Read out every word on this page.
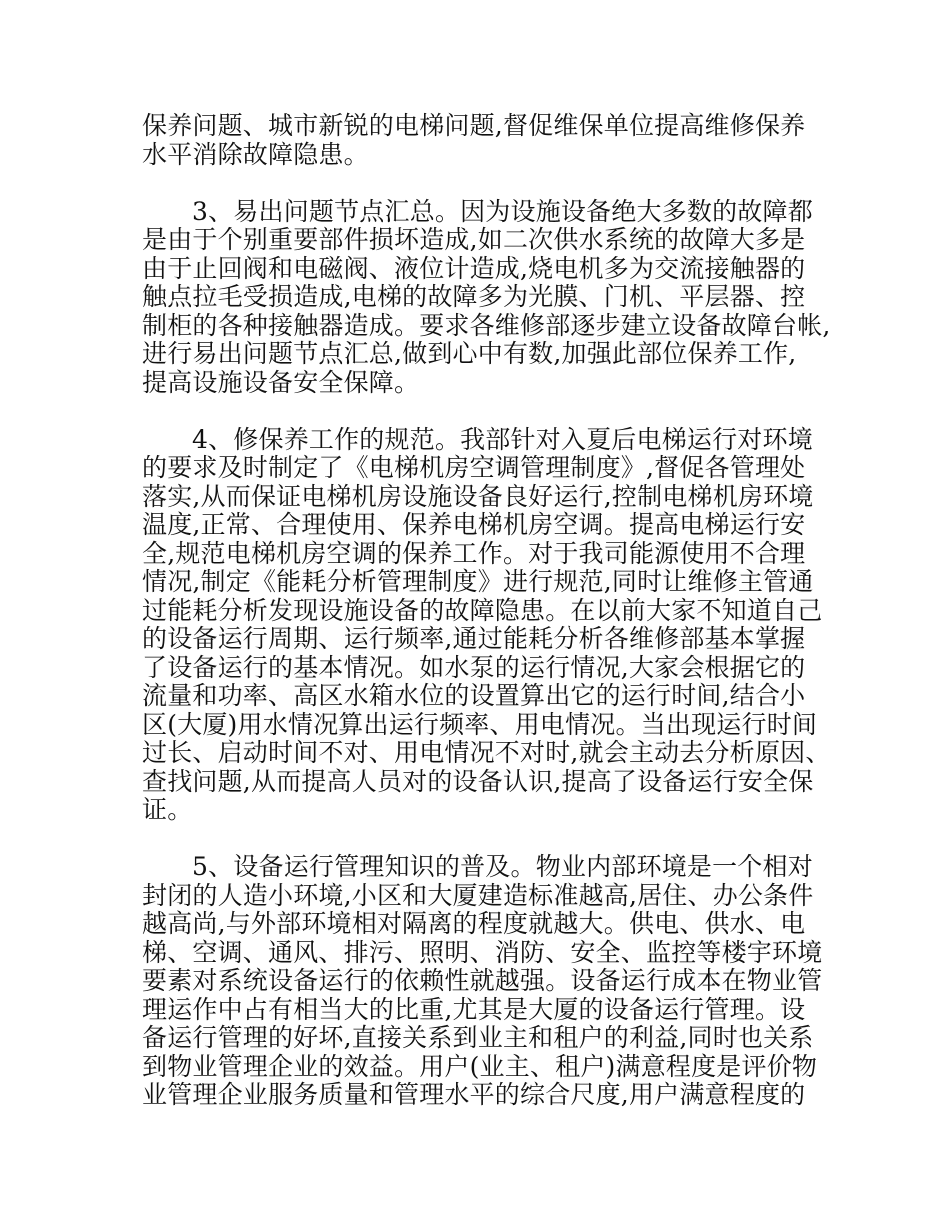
保养问题、城市新锐的电梯问题,督促维保单位提高维修保养
水平消除故障隐患。
3、易出问题节点汇总。因为设施设备绝大多数的故障都
是由于个别重要部件损坏造成,如二次供水系统的故障大多是
由于止回阀和电磁阀、液位计造成,烧电机多为交流接触器的
触点拉毛受损造成,电梯的故障多为光膜、门机、平层器、控
制柜的各种接触器造成。要求各维修部逐步建立设备故障台帐,
进行易出问题节点汇总,做到心中有数,加强此部位保养工作,
提高设施设备安全保障。
4、修保养工作的规范。我部针对入夏后电梯运行对环境
的要求及时制定了《电梯机房空调管理制度》,督促各管理处
落实,从而保证电梯机房设施设备良好运行,控制电梯机房环境
温度,正常、合理使用、保养电梯机房空调。提高电梯运行安
全,规范电梯机房空调的保养工作。对于我司能源使用不合理
情况,制定《能耗分析管理制度》进行规范,同时让维修主管通
过能耗分析发现设施设备的故障隐患。在以前大家不知道自己
的设备运行周期、运行频率,通过能耗分析各维修部基本掌握
了设备运行的基本情况。如水泵的运行情况,大家会根据它的
流量和功率、高区水箱水位的设置算出它的运行时间,结合小
区(大厦)用水情况算出运行频率、用电情况。当出现运行时间
过长、启动时间不对、用电情况不对时,就会主动去分析原因、
查找问题,从而提高人员对的设备认识,提高了设备运行安全保
证。
5、设备运行管理知识的普及。物业内部环境是一个相对
封闭的人造小环境,小区和大厦建造标准越高,居住、办公条件
越高尚,与外部环境相对隔离的程度就越大。供电、供水、电
梯、空调、通风、排污、照明、消防、安全、监控等楼宇环境
要素对系统设备运行的依赖性就越强。设备运行成本在物业管
理运作中占有相当大的比重,尤其是大厦的设备运行管理。设
备运行管理的好坏,直接关系到业主和租户的利益,同时也关系
到物业管理企业的效益。用户(业主、租户)满意程度是评价物
业管理企业服务质量和管理水平的综合尺度,用户满意程度的
